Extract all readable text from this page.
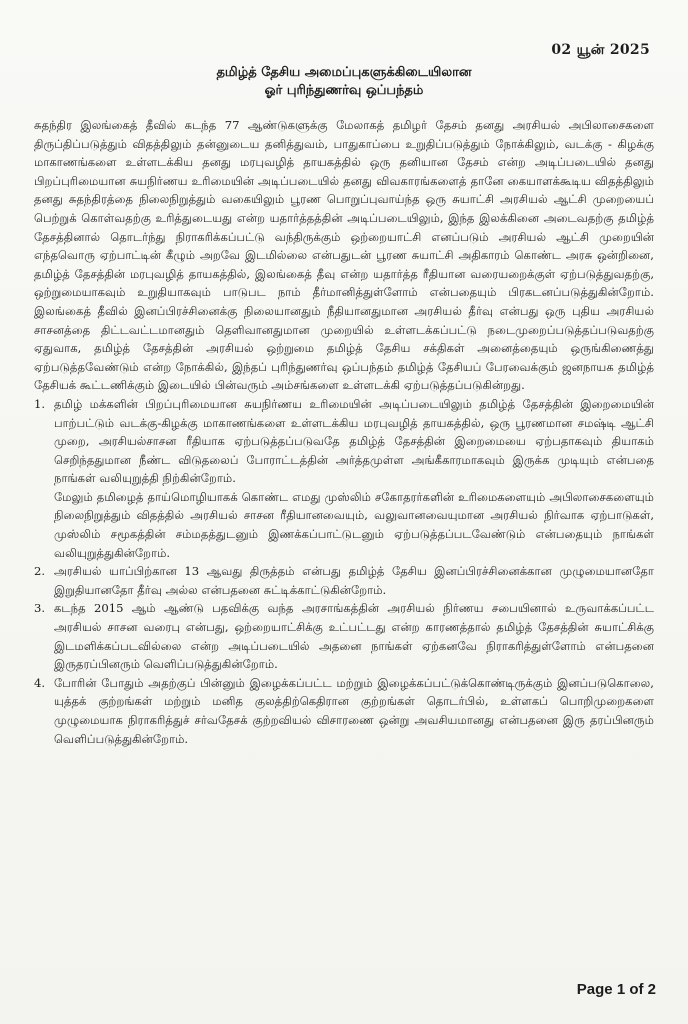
02 யூன் 2025
தமிழ்த் தேசிய அமைப்புகளுக்கிடையிலான
ஓர் புரிந்துணர்வு ஒப்பந்தம்

சுதந்திர இலங்கைத் தீவில் கடந்த 77 ஆண்டுகளுக்கு மேலாகத் தமிழர் தேசம் தனது அரசியல் அபிலாசைகளை திருப்திப்படுத்தும் விதத்திலும் தன்னுடைய தனித்துவம், பாதுகாப்பை உறுதிப்படுத்தும் நோக்கிலும், வடக்கு - கிழக்கு மாகாணங்களை உள்ளடக்கிய தனது மரபுவழித் தாயகத்தில் ஒரு தனியான தேசம் என்ற அடிப்படையில் தனது பிறப்புரிமையான சுயநிர்ணய உரிமையின் அடிப்படையில் தனது விவகாரங்களைத் தானே கையாளக்கூடிய விதத்திலும் தனது சுதந்திரத்தை நிலைநிறுத்தும் வகையிலும் பூரண பொறுப்புவாய்ந்த ஒரு சுயாட்சி அரசியல் ஆட்சி முறையைப் பெற்றுக் கொள்வதற்கு உரித்துடையது என்ற யதார்த்தத்தின் அடிப்படையிலும், இந்த இலக்கினை அடைவதற்கு தமிழ்த் தேசத்தினால் தொடர்ந்து நிராகரிக்கப்பட்டு வந்திருக்கும் ஒற்றையாட்சி எனப்படும் அரசியல் ஆட்சி முறையின் எந்தவொரு ஏற்பாட்டின் கீழும் அறவே இடமில்லை என்பதுடன் பூரண சுயாட்சி அதிகாரம் கொண்ட அரசு ஒன்றினை, தமிழ்த் தேசத்தின் மரபுவழித் தாயகத்தில், இலங்கைத் தீவு என்ற யதார்த்த ரீதியான வரையறைக்குள் ஏற்படுத்துவதற்கு, ஒற்றுமையாகவும் உறுதியாகவும் பாடுபட நாம் தீர்மானித்துள்ளோம் என்பதையும் பிரகடனப்படுத்துகின்றோம். இலங்கைத் தீவில் இனப்பிரச்சினைக்கு நிலையானதும் நீதியானதுமான அரசியல் தீர்வு என்பது ஒரு புதிய அரசியல் சாசனத்தை திட்டவட்டமானதும் தெளிவானதுமான முறையில் உள்ளடக்கப்பட்டு நடைமுறைப்படுத்தப்படுவதற்கு ஏதுவாக, தமிழ்த் தேசத்தின் அரசியல் ஒற்றுமை தமிழ்த் தேசிய சக்திகள் அனைத்தையும் ஒருங்கிணைத்து ஏற்படுத்தவேண்டும் என்ற நோக்கில், இந்தப் புரிந்துணர்வு ஒப்பந்தம் தமிழ்த் தேசியப் பேரவைக்கும் ஜனநாயக தமிழ்த் தேசியக் கூட்டணிக்கும் இடையில் பின்வரும் அம்சங்களை உள்ளடக்கி ஏற்படுத்தப்படுகின்றது.

1. தமிழ் மக்களின் பிறப்புரிமையான சுயநிர்ணய உரிமையின் அடிப்படையிலும் தமிழ்த் தேசத்தின் இறைமையின் பாற்பட்டும் வடக்கு-கிழக்கு மாகாணங்களை உள்ளடக்கிய மரபுவழித் தாயகத்தில், ஒரு பூரணமான சமஷ்டி ஆட்சி முறை, அரசியல்சாசன ரீதியாக ஏற்படுத்தப்படுவதே தமிழ்த் தேசத்தின் இறைமையை ஏற்பதாகவும் தியாகம் செறிந்ததுமான நீண்ட விடுதலைப் போராட்டத்தின் அர்த்தமுள்ள அங்கீகாரமாகவும் இருக்க முடியும் என்பதை நாங்கள் வலியுறுத்தி நிற்கின்றோம்.

மேலும் தமிழைத் தாய்மொழியாகக் கொண்ட எமது முஸ்லிம் சகோதரர்களின் உரிமைகளையும் அபிலாசைகளையும் நிலைநிறுத்தும் விதத்தில் அரசியல் சாசன ரீதியானவையும், வலுவானவையுமான அரசியல் நிர்வாக ஏற்பாடுகள், முஸ்லிம் சமூகத்தின் சம்மதத்துடனும் இணக்கப்பாட்டுடனும் ஏற்படுத்தப்படவேண்டும் என்பதையும் நாங்கள் வலியுறுத்துகின்றோம்.

2. அரசியல் யாப்பிற்கான 13 ஆவது திருத்தம் என்பது தமிழ்த் தேசிய இனப்பிரச்சினைக்கான முழுமையானதோ இறுதியானதோ தீர்வு அல்ல என்பதனை சுட்டிக்காட்டுகின்றோம்.

3. கடந்த 2015 ஆம் ஆண்டு பதவிக்கு வந்த அரசாங்கத்தின் அரசியல் நிர்ணய சபையினால் உருவாக்கப்பட்ட அரசியல் சாசன வரைபு என்பது, ஒற்றையாட்சிக்கு உட்பட்டது என்ற காரணத்தால் தமிழ்த் தேசத்தின் சுயாட்சிக்கு இடமளிக்கப்படவில்லை என்ற அடிப்படையில் அதனை நாங்கள் ஏற்கனவே நிராகரித்துள்ளோம் என்பதனை இருதரப்பினரும் வெளிப்படுத்துகின்றோம்.

4. போரின் போதும் அதற்குப் பின்னும் இழைக்கப்பட்ட மற்றும் இழைக்கப்பட்டுக்கொண்டிருக்கும் இனப்படுகொலை, யுத்தக் குற்றங்கள் மற்றும் மனித குலத்திற்கெதிரான குற்றங்கள் தொடர்பில், உள்ளகப் பொறிமுறைகளை முழுமையாக நிராகரித்துச் சர்வதேசக் குற்றவியல் விசாரணை ஒன்று அவசியமானது என்பதனை இரு தரப்பினரும் வெளிப்படுத்துகின்றோம்.

Page 1 of 2
